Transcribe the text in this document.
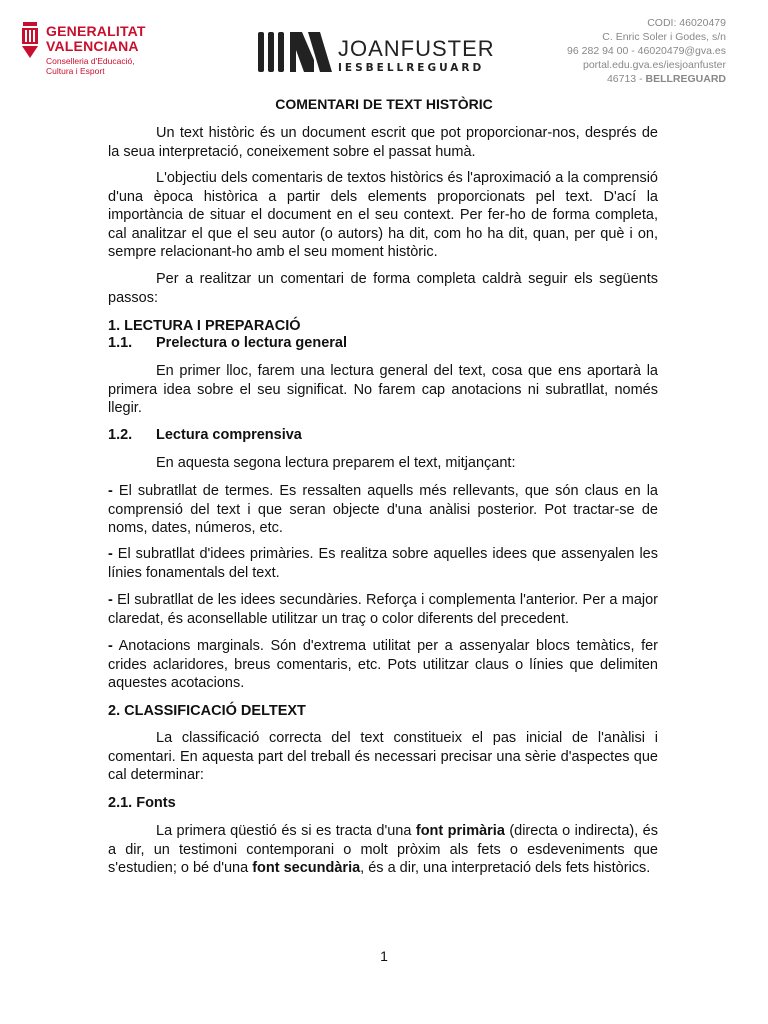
GENERALITAT
VALENCIANA
Conselleria d'Educació,
Cultura i Esport
JOANFUSTER
IESBELLREGUARD
CODI: 46020479
C. Enric Soler i Godes, s/n
96 282 94 00 - 46020479@gva.es
portal.edu.gva.es/iesjoanfuster
46713 - BELLREGUARD
COMENTARI DE TEXT HISTÒRIC

Un text històric és un document escrit que pot proporcionar-nos, després de la seua interpretació, coneixement sobre el passat humà.

L'objectiu dels comentaris de textos històrics és l'aproximació a la comprensió d'una època històrica a partir dels elements proporcionats pel text. D'ací la importància de situar el document en el seu context. Per fer-ho de forma completa, cal analitzar el que el seu autor (o autors) ha dit, com ho ha dit, quan, per què i on, sempre relacionant-ho amb el seu moment històric.

Per a realitzar un comentari de forma completa caldrà seguir els següents passos:

1. LECTURA I PREPARACIÓ
1.1. Prelectura o lectura general

En primer lloc, farem una lectura general del text, cosa que ens aportarà la primera idea sobre el seu significat. No farem cap anotacions ni subratllat, només llegir.

1.2. Lectura comprensiva

En aquesta segona lectura preparem el text, mitjançant:

- El subratllat de termes. Es ressalten aquells més rellevants, que són claus en la comprensió del text i que seran objecte d'una anàlisi posterior. Pot tractar-se de noms, dates, números, etc.

- El subratllat d'idees primàries. Es realitza sobre aquelles idees que assenyalen les línies fonamentals del text.

- El subratllat de les idees secundàries. Reforça i complementa l'anterior. Per a major claredat, és aconsellable utilitzar un traç o color diferents del precedent.

- Anotacions marginals. Són d'extrema utilitat per a assenyalar blocs temàtics, fer crides aclaridores, breus comentaris, etc. Pots utilitzar claus o línies que delimiten aquestes acotacions.

2. CLASSIFICACIÓ DELTEXT

La classificació correcta del text constitueix el pas inicial de l'anàlisi i comentari. En aquesta part del treball és necessari precisar una sèrie d'aspectes que cal determinar:

2.1. Fonts

La primera qüestió és si es tracta d'una font primària (directa o indirecta), és a dir, un testimoni contemporani o molt pròxim als fets o esdeveniments que s'estudien; o bé d'una font secundària, és a dir, una interpretació dels fets històrics.

1
